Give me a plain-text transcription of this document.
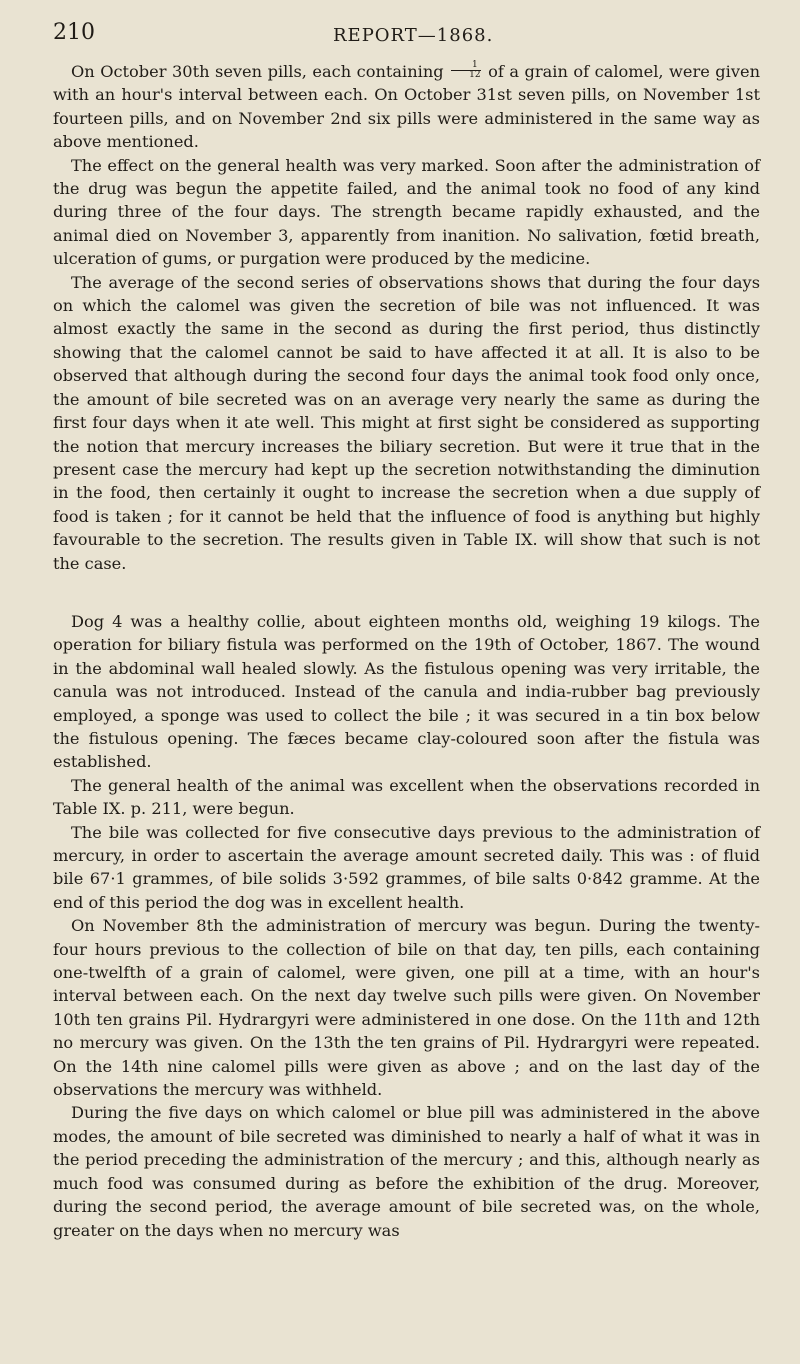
210	REPORT—1868.

On October 30th seven pills, each containing $\frac{1}{12}$ of a grain of calomel, were given with an hour's interval between each. On October 31st seven pills, on November 1st fourteen pills, and on November 2nd six pills were administered in the same way as above mentioned.

The effect on the general health was very marked. Soon after the administration of the drug was begun the appetite failed, and the animal took no food of any kind during three of the four days. The strength became rapidly exhausted, and the animal died on November 3, apparently from inanition. No salivation, fœtid breath, ulceration of gums, or purgation were produced by the medicine.

The average of the second series of observations shows that during the four days on which the calomel was given the secretion of bile was not influenced. It was almost exactly the same in the second as during the first period, thus distinctly showing that the calomel cannot be said to have affected it at all. It is also to be observed that although during the second four days the animal took food only once, the amount of bile secreted was on an average very nearly the same as during the first four days when it ate well. This might at first sight be considered as supporting the notion that mercury increases the biliary secretion. But were it true that in the present case the mercury had kept up the secretion notwithstanding the diminution in the food, then certainly it ought to increase the secretion when a due supply of food is taken ; for it cannot be held that the influence of food is anything but highly favourable to the secretion. The results given in Table IX. will show that such is not the case.

Dog 4 was a healthy collie, about eighteen months old, weighing 19 kilogs. The operation for biliary fistula was performed on the 19th of October, 1867. The wound in the abdominal wall healed slowly. As the fistulous opening was very irritable, the canula was not introduced. Instead of the canula and india-rubber bag previously employed, a sponge was used to collect the bile ; it was secured in a tin box below the fistulous opening. The fæces became clay-coloured soon after the fistula was established.

The general health of the animal was excellent when the observations recorded in Table IX. p. 211, were begun.

The bile was collected for five consecutive days previous to the administration of mercury, in order to ascertain the average amount secreted daily. This was : of fluid bile 67·1 grammes, of bile solids 3·592 grammes, of bile salts 0·842 gramme. At the end of this period the dog was in excellent health.

On November 8th the administration of mercury was begun. During the twenty-four hours previous to the collection of bile on that day, ten pills, each containing one-twelfth of a grain of calomel, were given, one pill at a time, with an hour's interval between each. On the next day twelve such pills were given. On November 10th ten grains Pil. Hydrargyri were administered in one dose. On the 11th and 12th no mercury was given. On the 13th the ten grains of Pil. Hydrargyri were repeated. On the 14th nine calomel pills were given as above ; and on the last day of the observations the mercury was withheld.

During the five days on which calomel or blue pill was administered in the above modes, the amount of bile secreted was diminished to nearly a half of what it was in the period preceding the administration of the mercury ; and this, although nearly as much food was consumed during as before the exhibition of the drug. Moreover, during the second period, the average amount of bile secreted was, on the whole, greater on the days when no mercury was
